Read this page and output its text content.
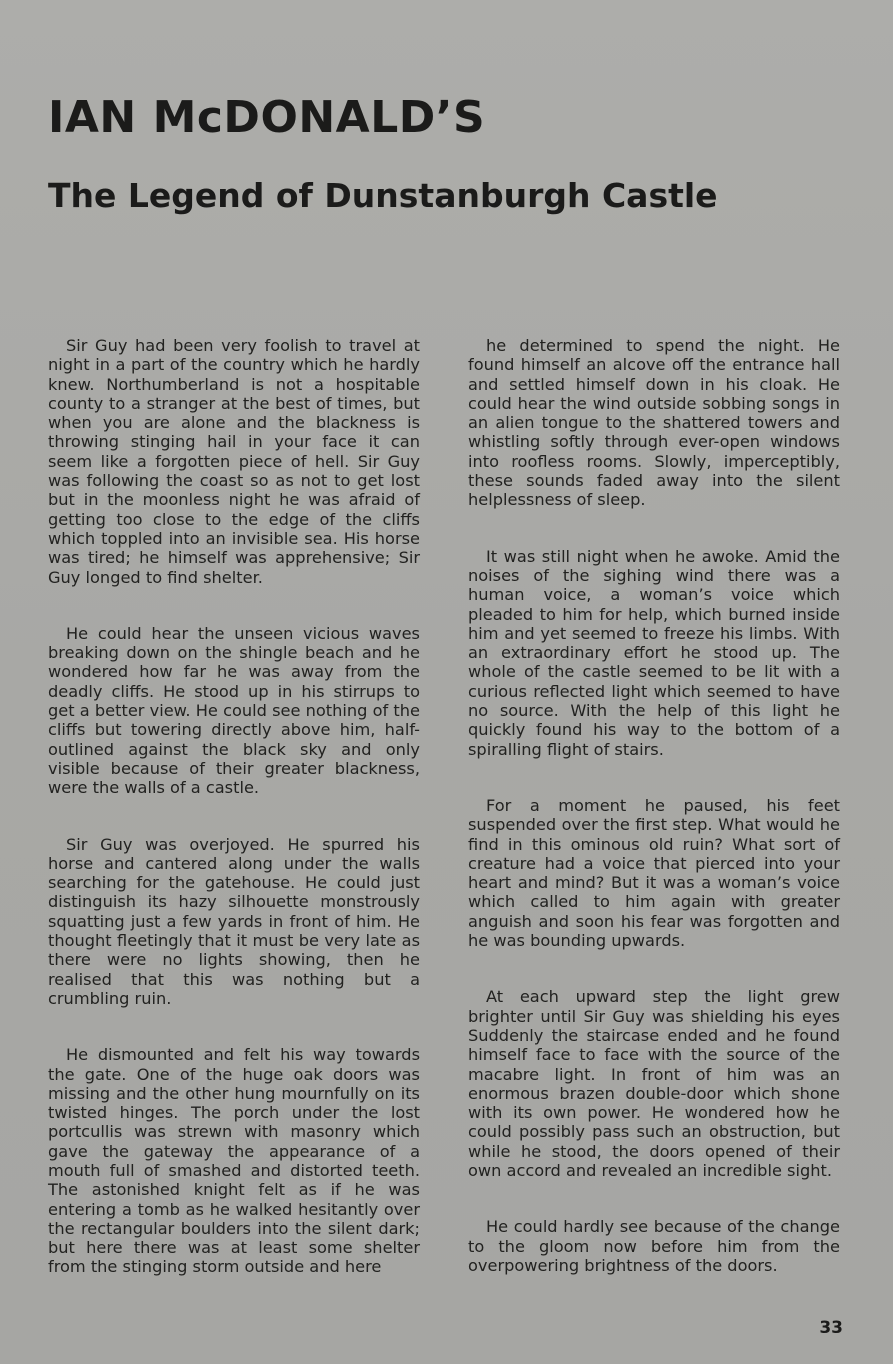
IAN McDONALD’S
The Legend of Dunstanburgh Castle

Sir Guy had been very foolish to travel at night in a part of the country which he hardly knew. Northumberland is not a hospitable county to a stranger at the best of times, but when you are alone and the blackness is throwing stinging hail in your face it can seem like a forgotten piece of hell. Sir Guy was following the coast so as not to get lost but in the moonless night he was afraid of getting too close to the edge of the cliffs which toppled into an invisible sea. His horse was tired; he himself was apprehensive; Sir Guy longed to find shelter.

He could hear the unseen vicious waves breaking down on the shingle beach and he wondered how far he was away from the deadly cliffs. He stood up in his stirrups to get a better view. He could see nothing of the cliffs but towering directly above him, half-outlined against the black sky and only visible because of their greater blackness, were the walls of a castle.

Sir Guy was overjoyed. He spurred his horse and cantered along under the walls searching for the gatehouse. He could just distinguish its hazy silhouette monstrously squatting just a few yards in front of him. He thought fleetingly that it must be very late as there were no lights showing, then he realised that this was nothing but a crumbling ruin.

He dismounted and felt his way towards the gate. One of the huge oak doors was missing and the other hung mournfully on its twisted hinges. The porch under the lost portcullis was strewn with masonry which gave the gateway the appearance of a mouth full of smashed and distorted teeth. The astonished knight felt as if he was entering a tomb as he walked hesitantly over the rectangular boulders into the silent dark; but here there was at least some shelter from the stinging storm outside and here

he determined to spend the night. He found himself an alcove off the entrance hall and settled himself down in his cloak. He could hear the wind outside sobbing songs in an alien tongue to the shattered towers and whistling softly through ever-open windows into roofless rooms. Slowly, imperceptibly, these sounds faded away into the silent helplessness of sleep.

It was still night when he awoke. Amid the noises of the sighing wind there was a human voice, a woman’s voice which pleaded to him for help, which burned inside him and yet seemed to freeze his limbs. With an extraordinary effort he stood up. The whole of the castle seemed to be lit with a curious reflected light which seemed to have no source. With the help of this light he quickly found his way to the bottom of a spiralling flight of stairs.

For a moment he paused, his feet suspended over the first step. What would he find in this ominous old ruin? What sort of creature had a voice that pierced into your heart and mind? But it was a woman’s voice which called to him again with greater anguish and soon his fear was forgotten and he was bounding upwards.

At each upward step the light grew brighter until Sir Guy was shielding his eyes Suddenly the staircase ended and he found himself face to face with the source of the macabre light. In front of him was an enormous brazen double-door which shone with its own power. He wondered how he could possibly pass such an obstruction, but while he stood, the doors opened of their own accord and revealed an incredible sight.

He could hardly see because of the change to the gloom now before him from the overpowering brightness of the doors.

33
